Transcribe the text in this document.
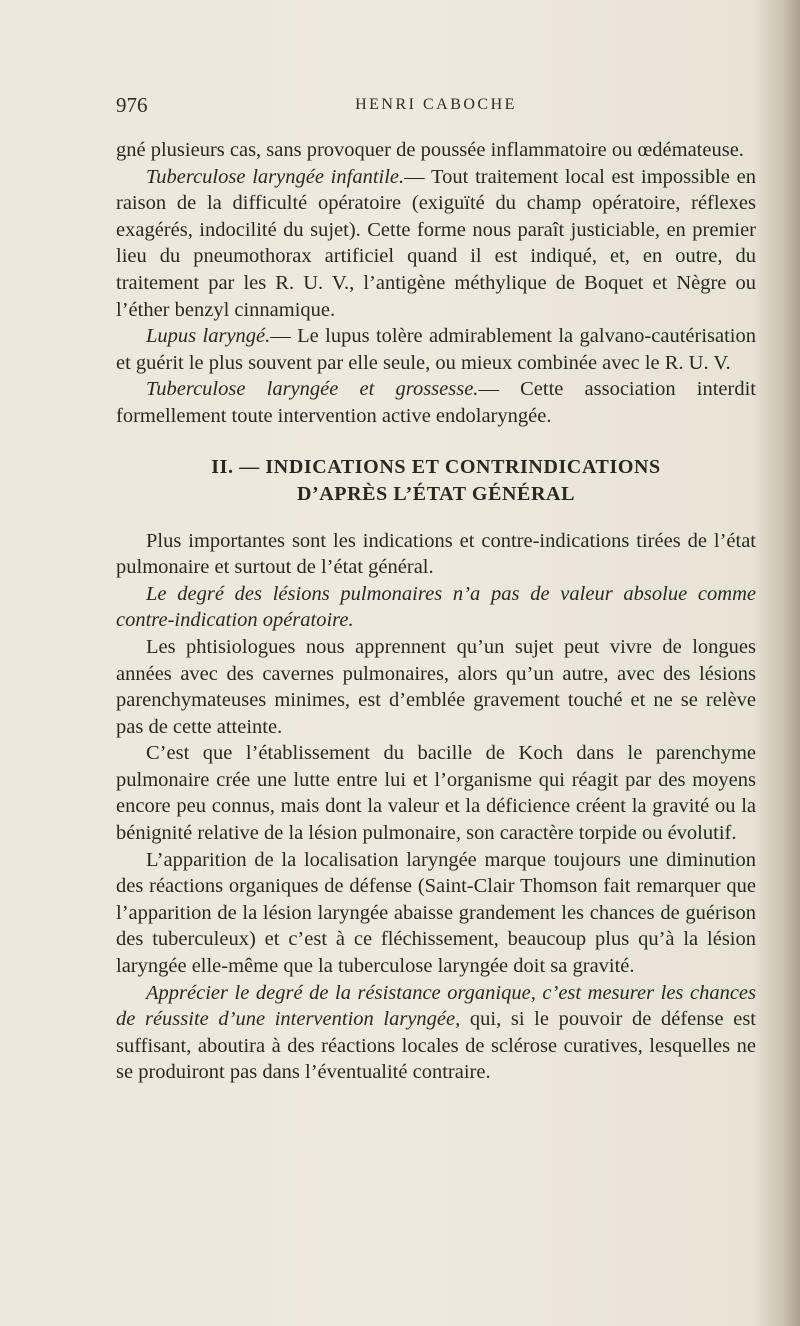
976	HENRI CABOCHE

gné plusieurs cas, sans provoquer de poussée inflammatoire ou œdémateuse.

Tuberculose laryngée infantile.— Tout traitement local est impossible en raison de la difficulté opératoire (exiguïté du champ opératoire, réflexes exagérés, indocilité du sujet). Cette forme nous paraît justiciable, en premier lieu du pneumothorax artificiel quand il est indiqué, et, en outre, du traitement par les R. U. V., l’antigène méthylique de Boquet et Nègre ou l’éther benzyl cinnamique.

Lupus laryngé.— Le lupus tolère admirablement la galvano-cautérisation et guérit le plus souvent par elle seule, ou mieux combinée avec le R. U. V.

Tuberculose laryngée et grossesse.— Cette association interdit formellement toute intervention active endolaryngée.

II. — INDICATIONS ET CONTRINDICATIONS
D’APRÈS L’ÉTAT GÉNÉRAL

Plus importantes sont les indications et contre-indications tirées de l’état pulmonaire et surtout de l’état général.

Le degré des lésions pulmonaires n’a pas de valeur absolue comme contre-indication opératoire.

Les phtisiologues nous apprennent qu’un sujet peut vivre de longues années avec des cavernes pulmonaires, alors qu’un autre, avec des lésions parenchymateuses minimes, est d’emblée gravement touché et ne se relève pas de cette atteinte.

C’est que l’établissement du bacille de Koch dans le parenchyme pulmonaire crée une lutte entre lui et l’organisme qui réagit par des moyens encore peu connus, mais dont la valeur et la déficience créent la gravité ou la bénignité relative de la lésion pulmonaire, son caractère torpide ou évolutif.

L’apparition de la localisation laryngée marque toujours une diminution des réactions organiques de défense (Saint-Clair Thomson fait remarquer que l’apparition de la lésion laryngée abaisse grandement les chances de guérison des tuberculeux) et c’est à ce fléchissement, beaucoup plus qu’à la lésion laryngée elle-même que la tuberculose laryngée doit sa gravité.

Apprécier le degré de la résistance organique, c’est mesurer les chances de réussite d’une intervention laryngée, qui, si le pouvoir de défense est suffisant, aboutira à des réactions locales de sclérose curatives, lesquelles ne se produiront pas dans l’éventualité contraire.
